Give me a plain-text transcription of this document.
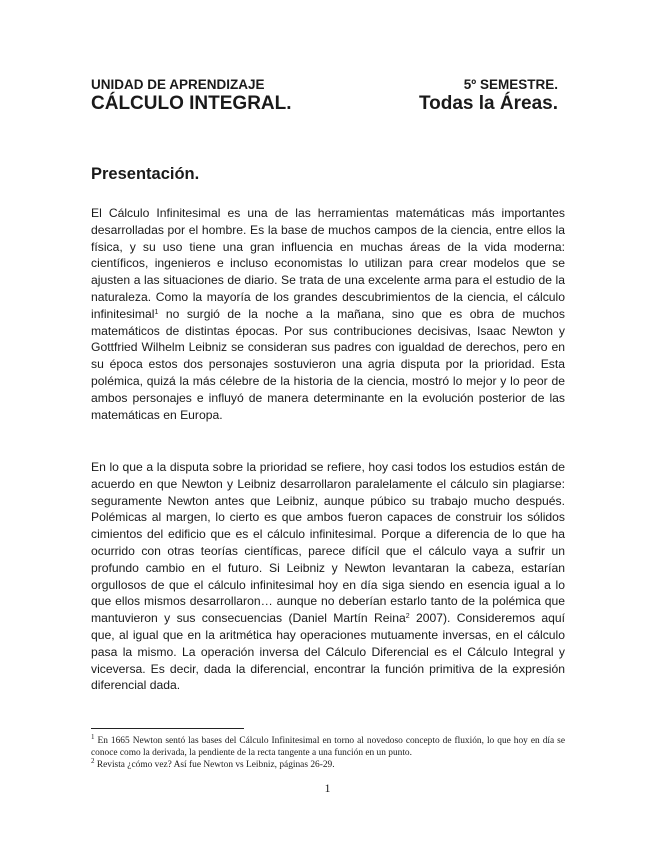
UNIDAD DE APRENDIZAJE
CÁLCULO INTEGRAL.
5º SEMESTRE.
Todas la Áreas.
Presentación.

El Cálculo Infinitesimal es una de las herramientas matemáticas más importantes desarrolladas por el hombre. Es la base de muchos campos de la ciencia, entre ellos la física, y su uso tiene una gran influencia en muchas áreas de la vida moderna: científicos, ingenieros e incluso economistas lo utilizan para crear modelos que se ajusten a las situaciones de diario. Se trata de una excelente arma para el estudio de la naturaleza. Como la mayoría de los grandes descubrimientos de la ciencia, el cálculo infinitesimal$^1$ no surgió de la noche a la mañana, sino que es obra de muchos matemáticos de distintas épocas. Por sus contribuciones decisivas, Isaac Newton y Gottfried Wilhelm Leibniz se consideran sus padres con igualdad de derechos, pero en su época estos dos personajes sostuvieron una agria disputa por la prioridad. Esta polémica, quizá la más célebre de la historia de la ciencia, mostró lo mejor y lo peor de ambos personajes e influyó de manera determinante en la evolución posterior de las matemáticas en Europa.

En lo que a la disputa sobre la prioridad se refiere, hoy casi todos los estudios están de acuerdo en que Newton y Leibniz desarrollaron paralelamente el cálculo sin plagiarse: seguramente Newton antes que Leibniz, aunque púbico su trabajo mucho después. Polémicas al margen, lo cierto es que ambos fueron capaces de construir los sólidos cimientos del edificio que es el cálculo infinitesimal. Porque a diferencia de lo que ha ocurrido con otras teorías científicas, parece difícil que el cálculo vaya a sufrir un profundo cambio en el futuro. Si Leibniz y Newton levantaran la cabeza, estarían orgullosos de que el cálculo infinitesimal hoy en día siga siendo en esencia igual a lo que ellos mismos desarrollaron… aunque no deberían estarlo tanto de la polémica que mantuvieron y sus consecuencias (Daniel Martín Reina$^2$ 2007). Consideremos aquí que, al igual que en la aritmética hay operaciones mutuamente inversas, en el cálculo pasa la mismo. La operación inversa del Cálculo Diferencial es el Cálculo Integral y viceversa. Es decir, dada la diferencial, encontrar la función primitiva de la expresión diferencial dada.

$^1$ En 1665 Newton sentó las bases del Cálculo Infinitesimal en torno al novedoso concepto de fluxión, lo que hoy en día se conoce como la derivada, la pendiente de la recta tangente a una función en un punto.

$^2$ Revista ¿cómo vez? Así fue Newton vs Leibniz, páginas 26-29.

1
